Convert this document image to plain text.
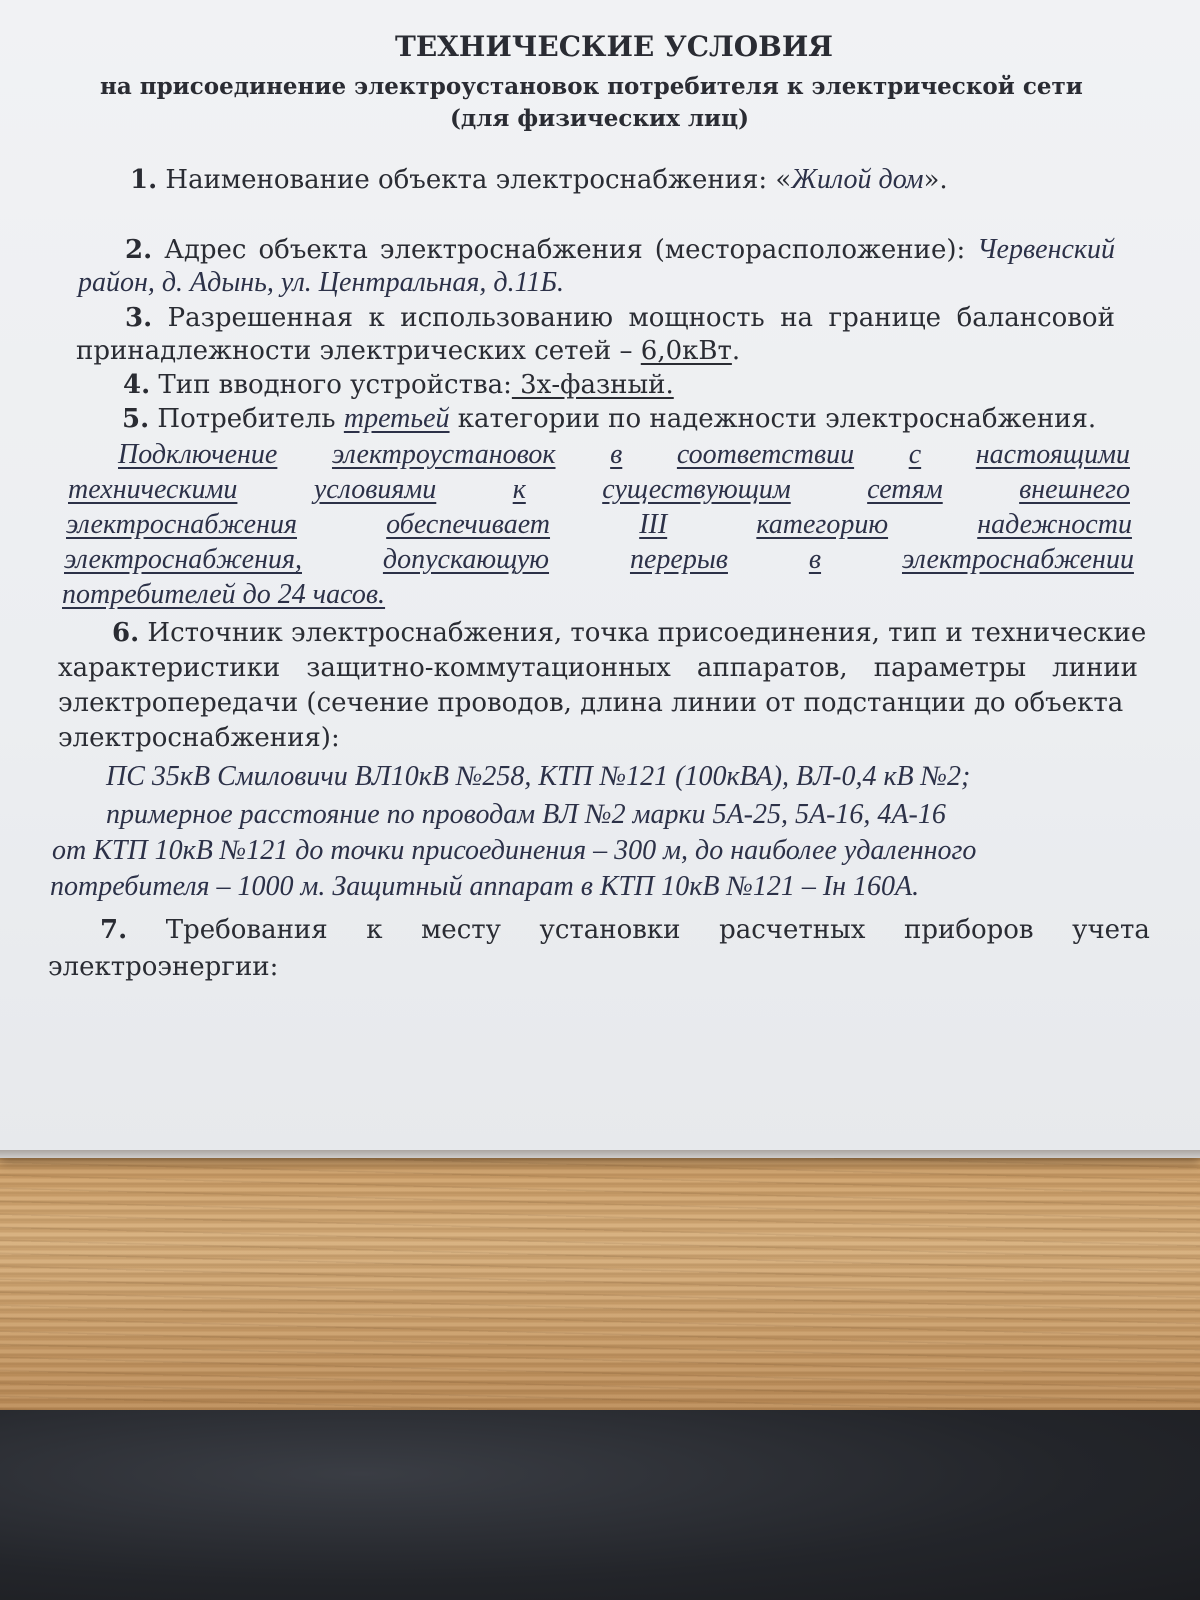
ТЕХНИЧЕСКИЕ УСЛОВИЯ
на присоединение электроустановок потребителя к электрической сети
(для физических лиц)
1. Наименование объекта электроснабжения: «Жилой дом».
2. Адрес объекта электроснабжения (месторасположение): Червенский
район, д. Адынь, ул. Центральная, д.11Б.
3. Разрешенная к использованию мощность на границе балансовой
принадлежности электрических сетей – 6,0кВт.
4. Тип вводного устройства: 3х-фазный.
5. Потребитель третьей категории по надежности электроснабжения.
Подключение электроустановок в соответствии с настоящими
техническими	условиями	к	существующим	сетям	внешнего
электроснабжения	обеспечивает	III	категорию	надежности
электроснабжения,	допускающую	перерыв	в	электроснабжении
потребителей до 24 часов.
6. Источник электроснабжения, точка присоединения, тип и технические
характеристики защитно-коммутационных аппаратов, параметры линии
электропередачи (сечение проводов, длина линии от подстанции до объекта
электроснабжения):
ПС 35кВ Смиловичи ВЛ10кВ №258, КТП №121 (100кВА), ВЛ-0,4 кВ №2;
примерное расстояние по проводам ВЛ №2 марки 5А-25, 5А-16, 4А-16
от КТП 10кВ №121 до точки присоединения – 300 м, до наиболее удаленного
потребителя – 1000 м. Защитный аппарат в КТП 10кВ №121 – Iн 160А.
7. Требования к месту установки расчетных приборов учета
электроэнергии:
